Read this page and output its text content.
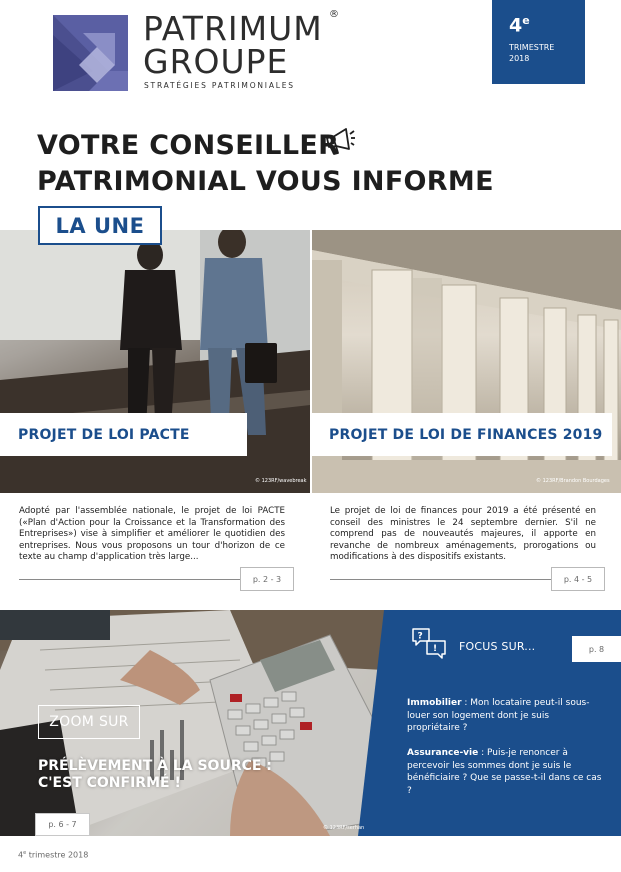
PATRIMUM
GROUPE
®
STRATÉGIES PATRIMONIALES
4e
TRIMESTRE
2018
VOTRE CONSEILLER
PATRIMONIAL VOUS INFORME
LA UNE
PROJET DE LOI PACTE	PROJET DE LOI DE FINANCES 2019
© 123RF/wavebreak	© 123RF/Brandon Bourdages
Adopté par l'assemblée nationale, le projet de loi PACTE («Plan d'Action pour la Croissance et la Transformation des Entreprises») vise à simplifier et améliorer le quotidien des entreprises. Nous vous proposons un tour d'horizon de ce texte au champ d'application très large...
p. 2 - 3
Le projet de loi de finances pour 2019 a été présenté en conseil des ministres le 24 septembre dernier. S'il ne comprend pas de nouveautés majeures, il apporte en revanche de nombreux aménagements, prorogations ou modifications à des dispositifs existants.
p. 4 - 5
ZOOM SUR
PRÉLÈVEMENT À LA SOURCE :
C'EST CONFIRMÉ !
p. 6 - 7	© 123RF/serhan
?
! FOCUS SUR...	p. 8
Immobilier : Mon locataire peut-il sous-louer son logement dont je suis propriétaire ?
Assurance-vie : Puis-je renoncer à percevoir les sommes dont je suis le bénéficiaire ? Que se passe-t-il dans ce cas ?
4e trimestre 2018
